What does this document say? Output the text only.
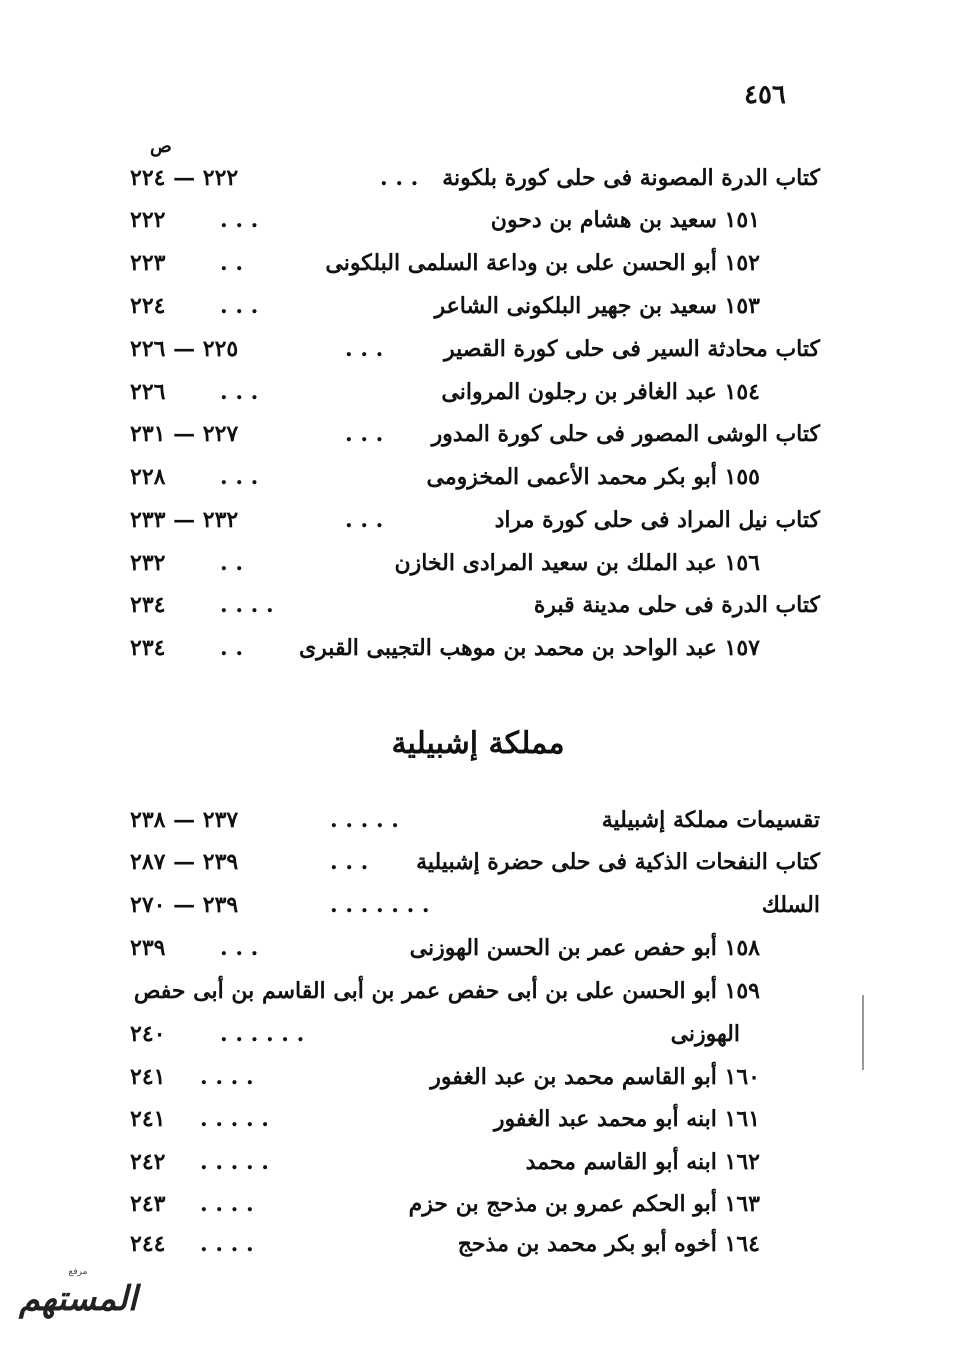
٤٥٦
ص
كتاب الدرة المصونة فى حلى كورة بلكونة
. . .
٢٢٢ — ٢٢٤
١٥١ سعيد بن هشام بن دحون
. . .
٢٢٢
١٥٢ أبو الحسن على بن وداعة السلمى البلكونى
. .
٢٢٣
١٥٣ سعيد بن جهير البلكونى الشاعر
. . .
٢٢٤
كتاب محادثة السير فى حلى كورة القصير
. . .
٢٢٥ — ٢٢٦
١٥٤ عبد الغافر بن رجلون المروانى
. . .
٢٢٦
كتاب الوشى المصور فى حلى كورة المدور
. . .
٢٢٧ — ٢٣١
١٥٥ أبو بكر محمد الأعمى المخزومى
. . .
٢٢٨
كتاب نيل المراد فى حلى كورة مراد
. . .
٢٣٢ — ٢٣٣
١٥٦ عبد الملك بن سعيد المرادى الخازن
. .
٢٣٢
كتاب الدرة فى حلى مدينة قبرة
. . . .
٢٣٤
١٥٧ عبد الواحد بن محمد بن موهب التجيبى القبرى
. .
٢٣٤
مملكة إشبيلية
تقسيمات مملكة إشبيلية
. . . . .
٢٣٧ — ٢٣٨
كتاب النفحات الذكية فى حلى حضرة إشبيلية
. . .
٢٣٩ — ٢٨٧
السلك
. . . . . . .
٢٣٩ — ٢٧٠
١٥٨ أبو حفص عمر بن الحسن الهوزنى
. . .
٢٣٩
١٥٩ أبو الحسن على بن أبى حفص عمر بن أبى القاسم بن أبى حفص
الهوزنى
. . . . . .
٢٤٠
١٦٠ أبو القاسم محمد بن عبد الغفور
. . . .
٢٤١
١٦١ ابنه أبو محمد عبد الغفور
. . . . .
٢٤١
١٦٢ ابنه أبو القاسم محمد
. . . . .
٢٤٢
١٦٣ أبو الحكم عمرو بن مذحج بن حزم
. . . .
٢٤٣
١٦٤ أخوه أبو بكر محمد بن مذحج
. . . .
٢٤٤
مرفع
المستهم
